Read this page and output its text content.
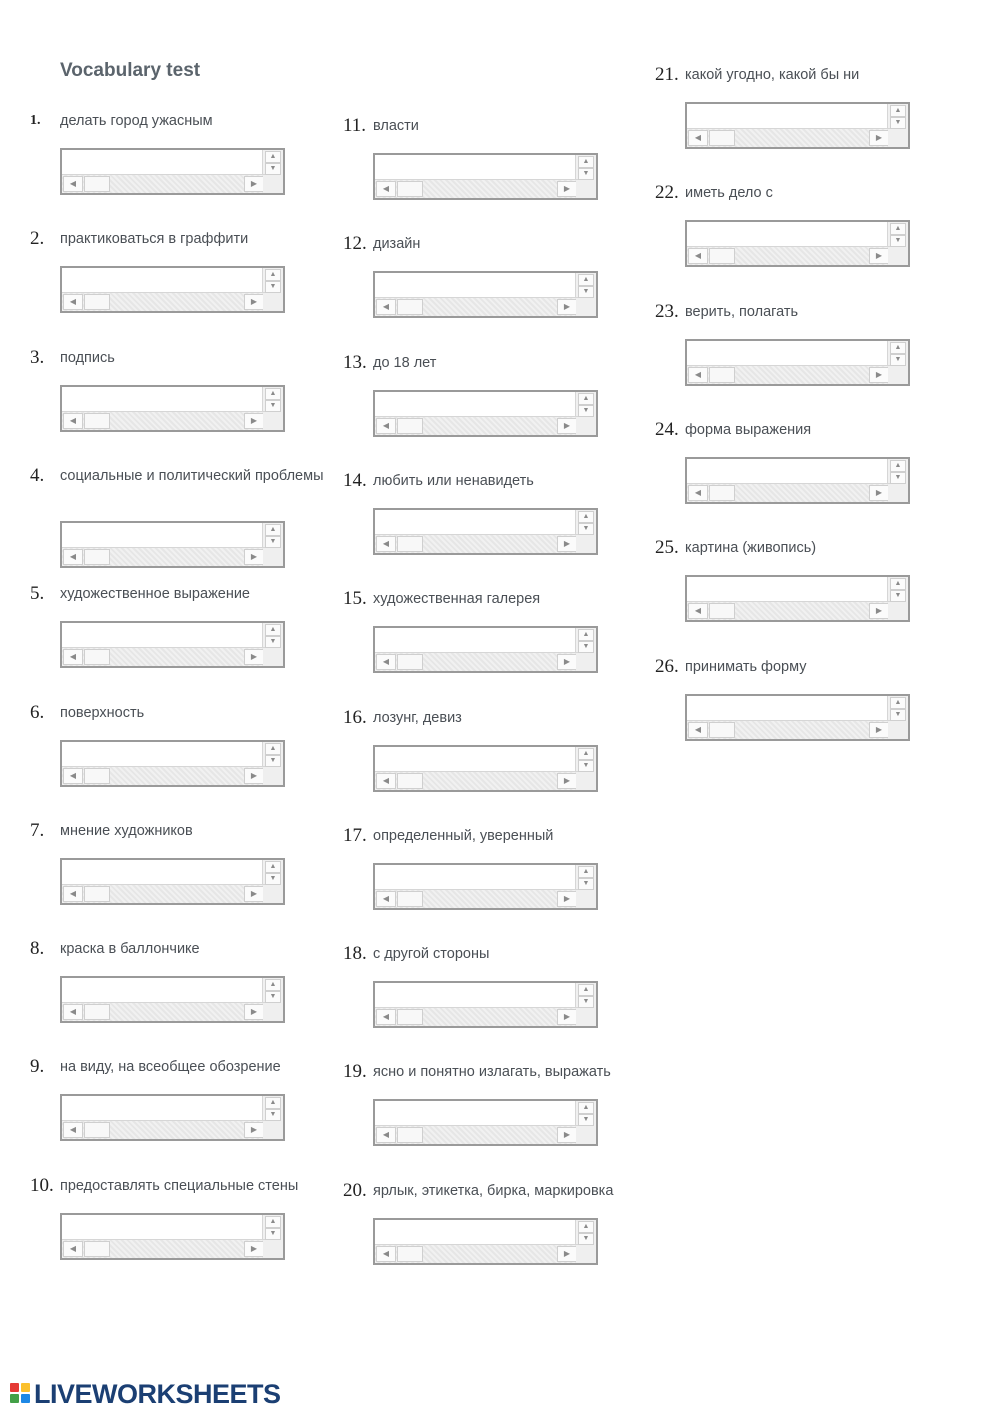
Vocabulary test
1. делать город ужасным
▲
▼
◀	▶
2. практиковаться в граффити
▲
▼
◀	▶
3. подпись
▲
▼
◀	▶
4. социальные и политический проблемы
▲
▼
◀	▶
5. художественное выражение
▲
▼
◀	▶
6. поверхность
▲
▼
◀	▶
7. мнение художников
▲
▼
◀	▶
8. краска в баллончике
▲
▼
◀	▶
9. на виду, на всеобщее обозрение
▲
▼
◀	▶
10. предоставлять специальные стены
▲
▼
◀	▶
11. власти
▲
▼
◀	▶
12. дизайн
▲
▼
◀	▶
13. до 18 лет
▲
▼
◀	▶
14. любить или ненавидеть
▲
▼
◀	▶
15. художественная галерея
▲
▼
◀	▶
16. лозунг, девиз
▲
▼
◀	▶
17. определенный, уверенный
▲
▼
◀	▶
18. с другой стороны
▲
▼
◀	▶
19. ясно и понятно излагать, выражать
▲
▼
◀	▶
20. ярлык, этикетка, бирка, маркировка
▲
▼
◀	▶
21. какой угодно, какой бы ни
▲
▼
◀	▶
22. иметь дело с
▲
▼
◀	▶
23. верить, полагать
▲
▼
◀	▶
24. форма выражения
▲
▼
◀	▶
25. картина (живопись)
▲
▼
◀	▶
26. принимать форму
▲
▼
◀	▶
LIVEWORKSHEETS
